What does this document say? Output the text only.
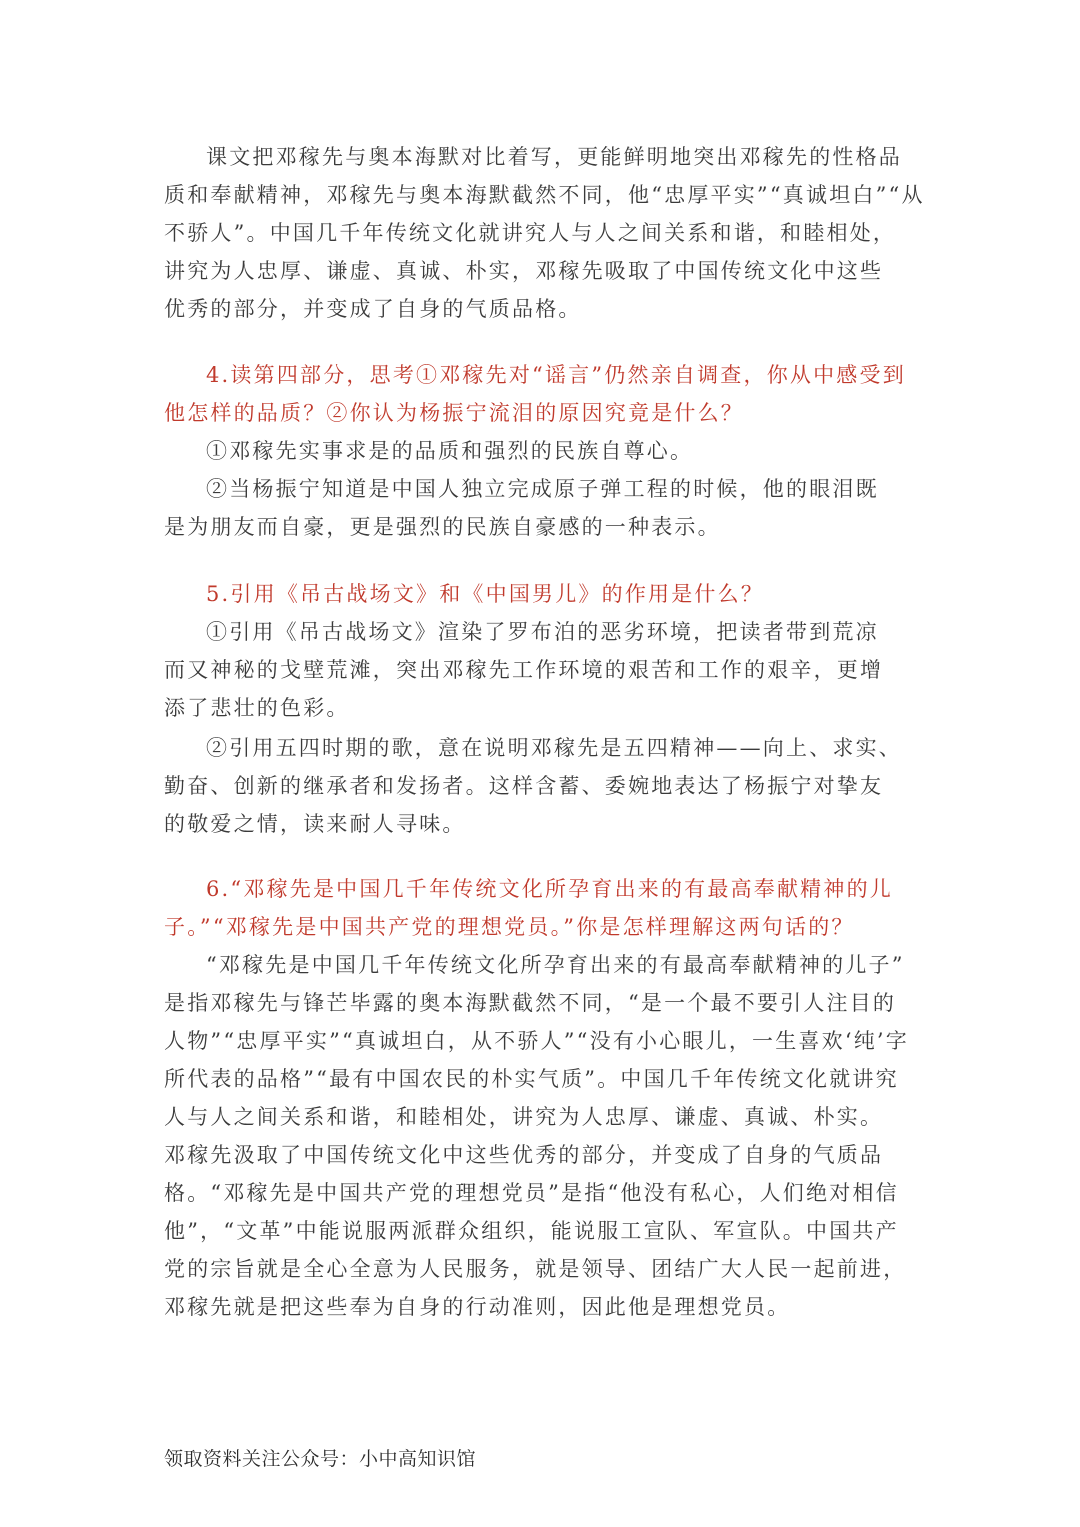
课文把邓稼先与奥本海默对比着写，更能鲜明地突出邓稼先的性格品
质和奉献精神，邓稼先与奥本海默截然不同，他“忠厚平实”“真诚坦白”“从
不骄人”。中国几千年传统文化就讲究人与人之间关系和谐，和睦相处，
讲究为人忠厚、谦虚、真诚、朴实，邓稼先吸取了中国传统文化中这些
优秀的部分，并变成了自身的气质品格。
4.读第四部分，思考①邓稼先对“谣言”仍然亲自调查，你从中感受到
他怎样的品质？②你认为杨振宁流泪的原因究竟是什么？
①邓稼先实事求是的品质和强烈的民族自尊心。
②当杨振宁知道是中国人独立完成原子弹工程的时候，他的眼泪既
是为朋友而自豪，更是强烈的民族自豪感的一种表示。
5.引用《吊古战场文》和《中国男儿》的作用是什么？
①引用《吊古战场文》渲染了罗布泊的恶劣环境，把读者带到荒凉
而又神秘的戈壁荒滩，突出邓稼先工作环境的艰苦和工作的艰辛，更增
添了悲壮的色彩。
②引用五四时期的歌，意在说明邓稼先是五四精神——向上、求实、
勤奋、创新的继承者和发扬者。这样含蓄、委婉地表达了杨振宁对挚友
的敬爱之情，读来耐人寻味。
6.“邓稼先是中国几千年传统文化所孕育出来的有最高奉献精神的儿
子。”“邓稼先是中国共产党的理想党员。”你是怎样理解这两句话的？
“邓稼先是中国几千年传统文化所孕育出来的有最高奉献精神的儿子”
是指邓稼先与锋芒毕露的奥本海默截然不同，“是一个最不要引人注目的
人物”“忠厚平实”“真诚坦白，从不骄人”“没有小心眼儿，一生喜欢‘纯’字
所代表的品格”“最有中国农民的朴实气质”。中国几千年传统文化就讲究
人与人之间关系和谐，和睦相处，讲究为人忠厚、谦虚、真诚、朴实。
邓稼先汲取了中国传统文化中这些优秀的部分，并变成了自身的气质品
格。“邓稼先是中国共产党的理想党员”是指“他没有私心，人们绝对相信
他”，“文革”中能说服两派群众组织，能说服工宣队、军宣队。中国共产
党的宗旨就是全心全意为人民服务，就是领导、团结广大人民一起前进，
邓稼先就是把这些奉为自身的行动准则，因此他是理想党员。
领取资料关注公众号：小中高知识馆
